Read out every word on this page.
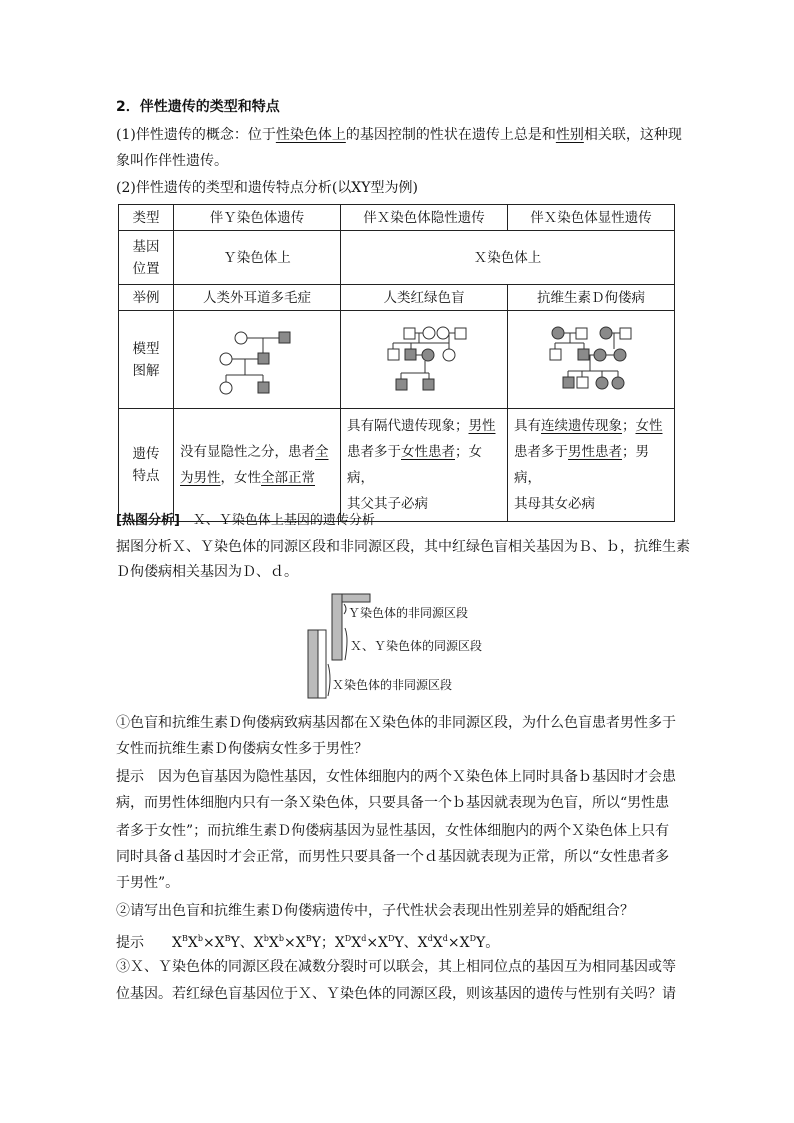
2．伴性遗传的类型和特点
(1)伴性遗传的概念：位于性染色体上的基因控制的性状在遗传上总是和性别相关联，这种现
象叫作伴性遗传。
(2)伴性遗传的类型和遗传特点分析(以XY型为例)
类型	伴Ｙ染色体遗传	伴Ｘ染色体隐性遗传	伴Ｘ染色体显性遗传
基因
位置	Ｙ染色体上	Ｘ染色体上	
举例	人类外耳道多毛症	人类红绿色盲	抗维生素Ｄ佝偻病
模型
图解			
遗传
特点	没有显隐性之分，患者全
为男性，女性全部正常	具有隔代遗传现象；男性
患者多于女性患者；女病，
其父其子必病	具有连续遗传现象；女性
患者多于男性患者；男病，
其母其女必病
[热图分析]　 Ｘ、Ｙ染色体上基因的遗传分析
据图分析Ｘ、Ｙ染色体的同源区段和非同源区段，其中红绿色盲相关基因为Ｂ、ｂ，抗维生素
Ｄ佝偻病相关基因为Ｄ、ｄ。
Ｙ染色体的非同源区段
Ｘ、Ｙ染色体的同源区段
Ｘ染色体的非同源区段
①色盲和抗维生素Ｄ佝偻病致病基因都在Ｘ染色体的非同源区段，为什么色盲患者男性多于
女性而抗维生素Ｄ佝偻病女性多于男性？
提示　因为色盲基因为隐性基因，女性体细胞内的两个Ｘ染色体上同时具备ｂ基因时才会患
病，而男性体细胞内只有一条Ｘ染色体，只要具备一个ｂ基因就表现为色盲，所以“男性患
者多于女性”；而抗维生素Ｄ佝偻病基因为显性基因，女性体细胞内的两个Ｘ染色体上只有
同时具备ｄ基因时才会正常，而男性只要具备一个ｄ基因就表现为正常，所以“女性患者多
于男性”。
②请写出色盲和抗维生素Ｄ佝偻病遗传中，子代性状会表现出性别差异的婚配组合？
提示　　$X^BX^b\times X^BY$、$X^bX^b\times X^BY$；$X^DX^d\times X^DY$、$X^dX^d\times X^DY$。
③Ｘ、Ｙ染色体的同源区段在减数分裂时可以联会，其上相同位点的基因互为相同基因或等
位基因。若红绿色盲基因位于Ｘ、Ｙ染色体的同源区段，则该基因的遗传与性别有关吗？请
